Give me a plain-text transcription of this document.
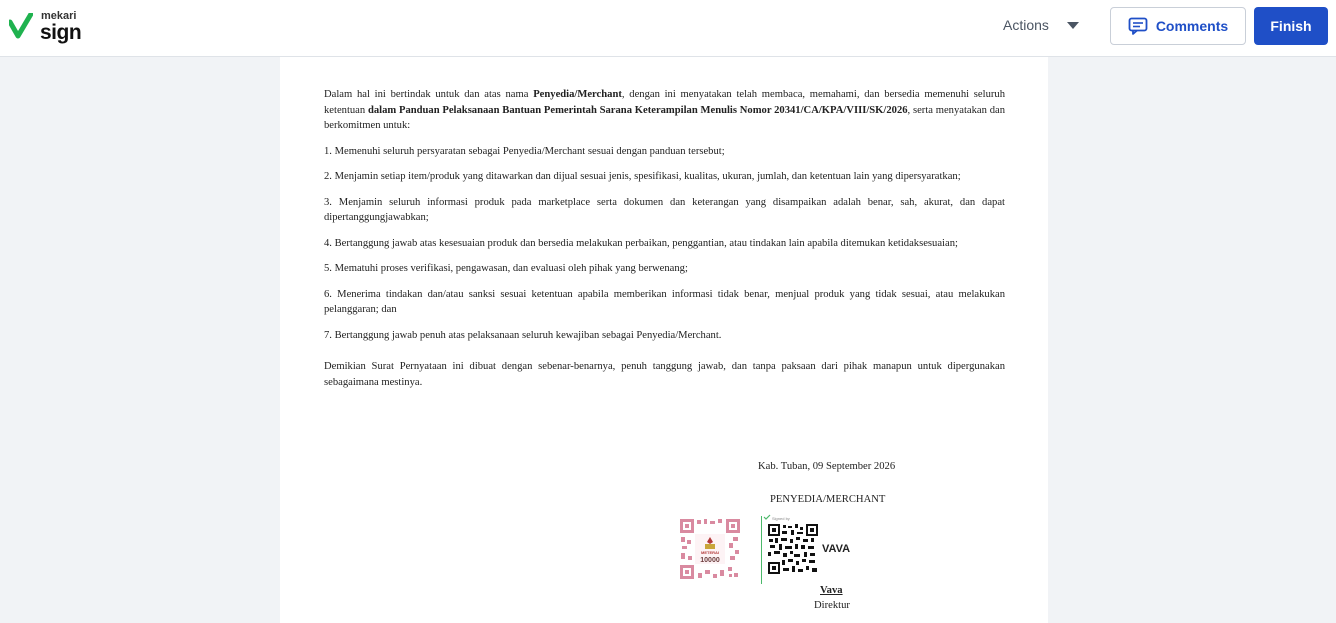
mekari
sign	Actions	Comments	Finish

Dalam hal ini bertindak untuk dan atas nama Penyedia/Merchant, dengan ini menyatakan telah membaca, memahami, dan bersedia memenuhi seluruh ketentuan dalam Panduan Pelaksanaan Bantuan Pemerintah Sarana Keterampilan Menulis Nomor 20341/CA/KPA/VIII/SK/2026, serta menyatakan dan berkomitmen untuk:

1. Memenuhi seluruh persyaratan sebagai Penyedia/Merchant sesuai dengan panduan tersebut;

2. Menjamin setiap item/produk yang ditawarkan dan dijual sesuai jenis, spesifikasi, kualitas, ukuran, jumlah, dan ketentuan lain yang dipersyaratkan;

3. Menjamin seluruh informasi produk pada marketplace serta dokumen dan keterangan yang disampaikan adalah benar, sah, akurat, dan dapat dipertanggungjawabkan;

4. Bertanggung jawab atas kesesuaian produk dan bersedia melakukan perbaikan, penggantian, atau tindakan lain apabila ditemukan ketidaksesuaian;

5. Mematuhi proses verifikasi, pengawasan, dan evaluasi oleh pihak yang berwenang;

6. Menerima tindakan dan/atau sanksi sesuai ketentuan apabila memberikan informasi tidak benar, menjual produk yang tidak sesuai, atau melakukan pelanggaran; dan

7. Bertanggung jawab penuh atas pelaksanaan seluruh kewajiban sebagai Penyedia/Merchant.

Demikian Surat Pernyataan ini dibuat dengan sebenar-benarnya, penuh tanggung jawab, dan tanpa paksaan dari pihak manapun untuk dipergunakan sebagaimana mestinya.

Kab. Tuban, 09 September 2026
PENYEDIA/MERCHANT
METERAI
10000
Signed by
VAVA
Vava
Direktur
